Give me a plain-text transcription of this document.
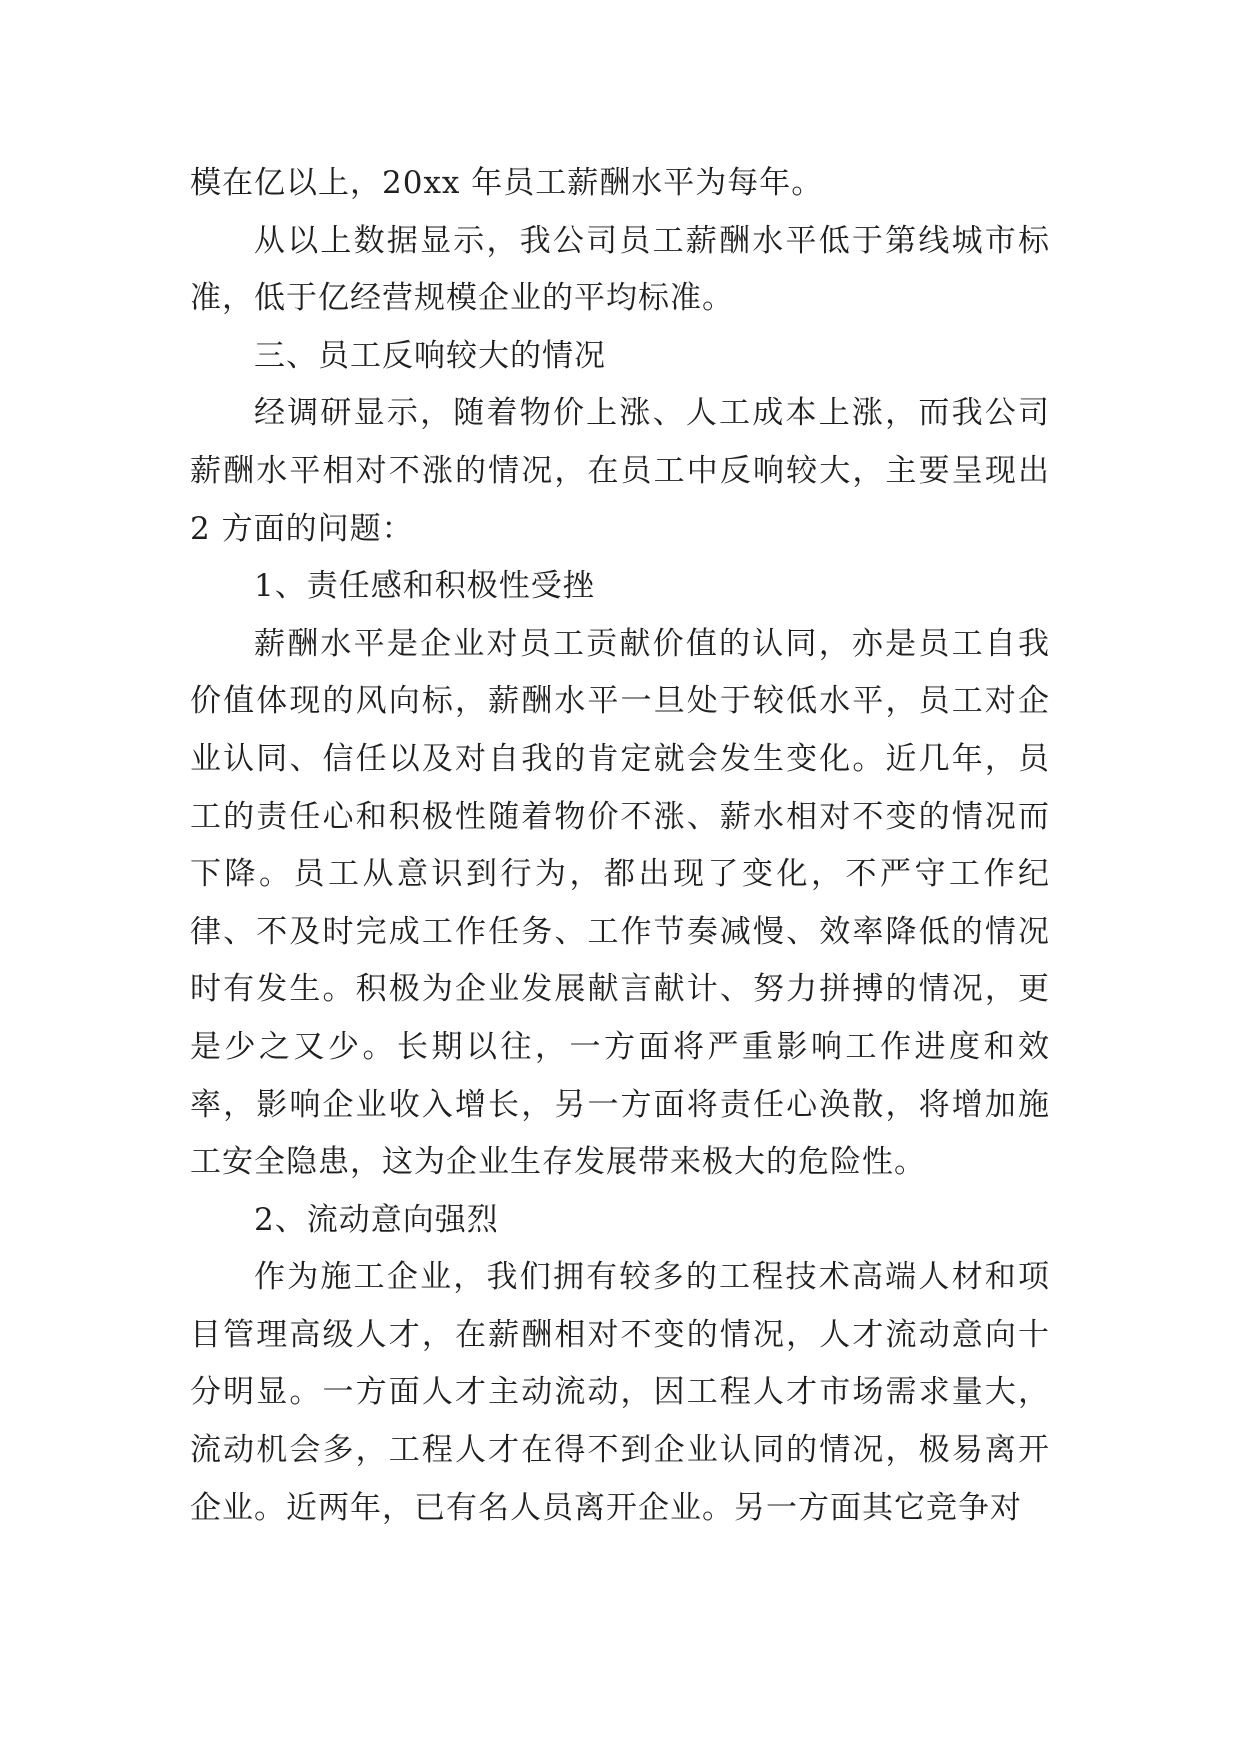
模在亿以上，20xx 年员工薪酬水平为每年。

从以上数据显示，我公司员工薪酬水平低于第线城市标准，低于亿经营规模企业的平均标准。

三、员工反响较大的情况

经调研显示，随着物价上涨、人工成本上涨，而我公司薪酬水平相对不涨的情况，在员工中反响较大，主要呈现出 2 方面的问题：

1、责任感和积极性受挫

薪酬水平是企业对员工贡献价值的认同，亦是员工自我价值体现的风向标，薪酬水平一旦处于较低水平，员工对企业认同、信任以及对自我的肯定就会发生变化。近几年，员工的责任心和积极性随着物价不涨、薪水相对不变的情况而下降。员工从意识到行为，都出现了变化，不严守工作纪律、不及时完成工作任务、工作节奏减慢、效率降低的情况时有发生。积极为企业发展献言献计、努力拼搏的情况，更是少之又少。长期以往，一方面将严重影响工作进度和效率，影响企业收入增长，另一方面将责任心涣散，将增加施工安全隐患，这为企业生存发展带来极大的危险性。

2、流动意向强烈

作为施工企业，我们拥有较多的工程技术高端人材和项目管理高级人才，在薪酬相对不变的情况，人才流动意向十分明显。一方面人才主动流动，因工程人才市场需求量大，流动机会多，工程人才在得不到企业认同的情况，极易离开企业。近两年，已有名人员离开企业。另一方面其它竞争对
